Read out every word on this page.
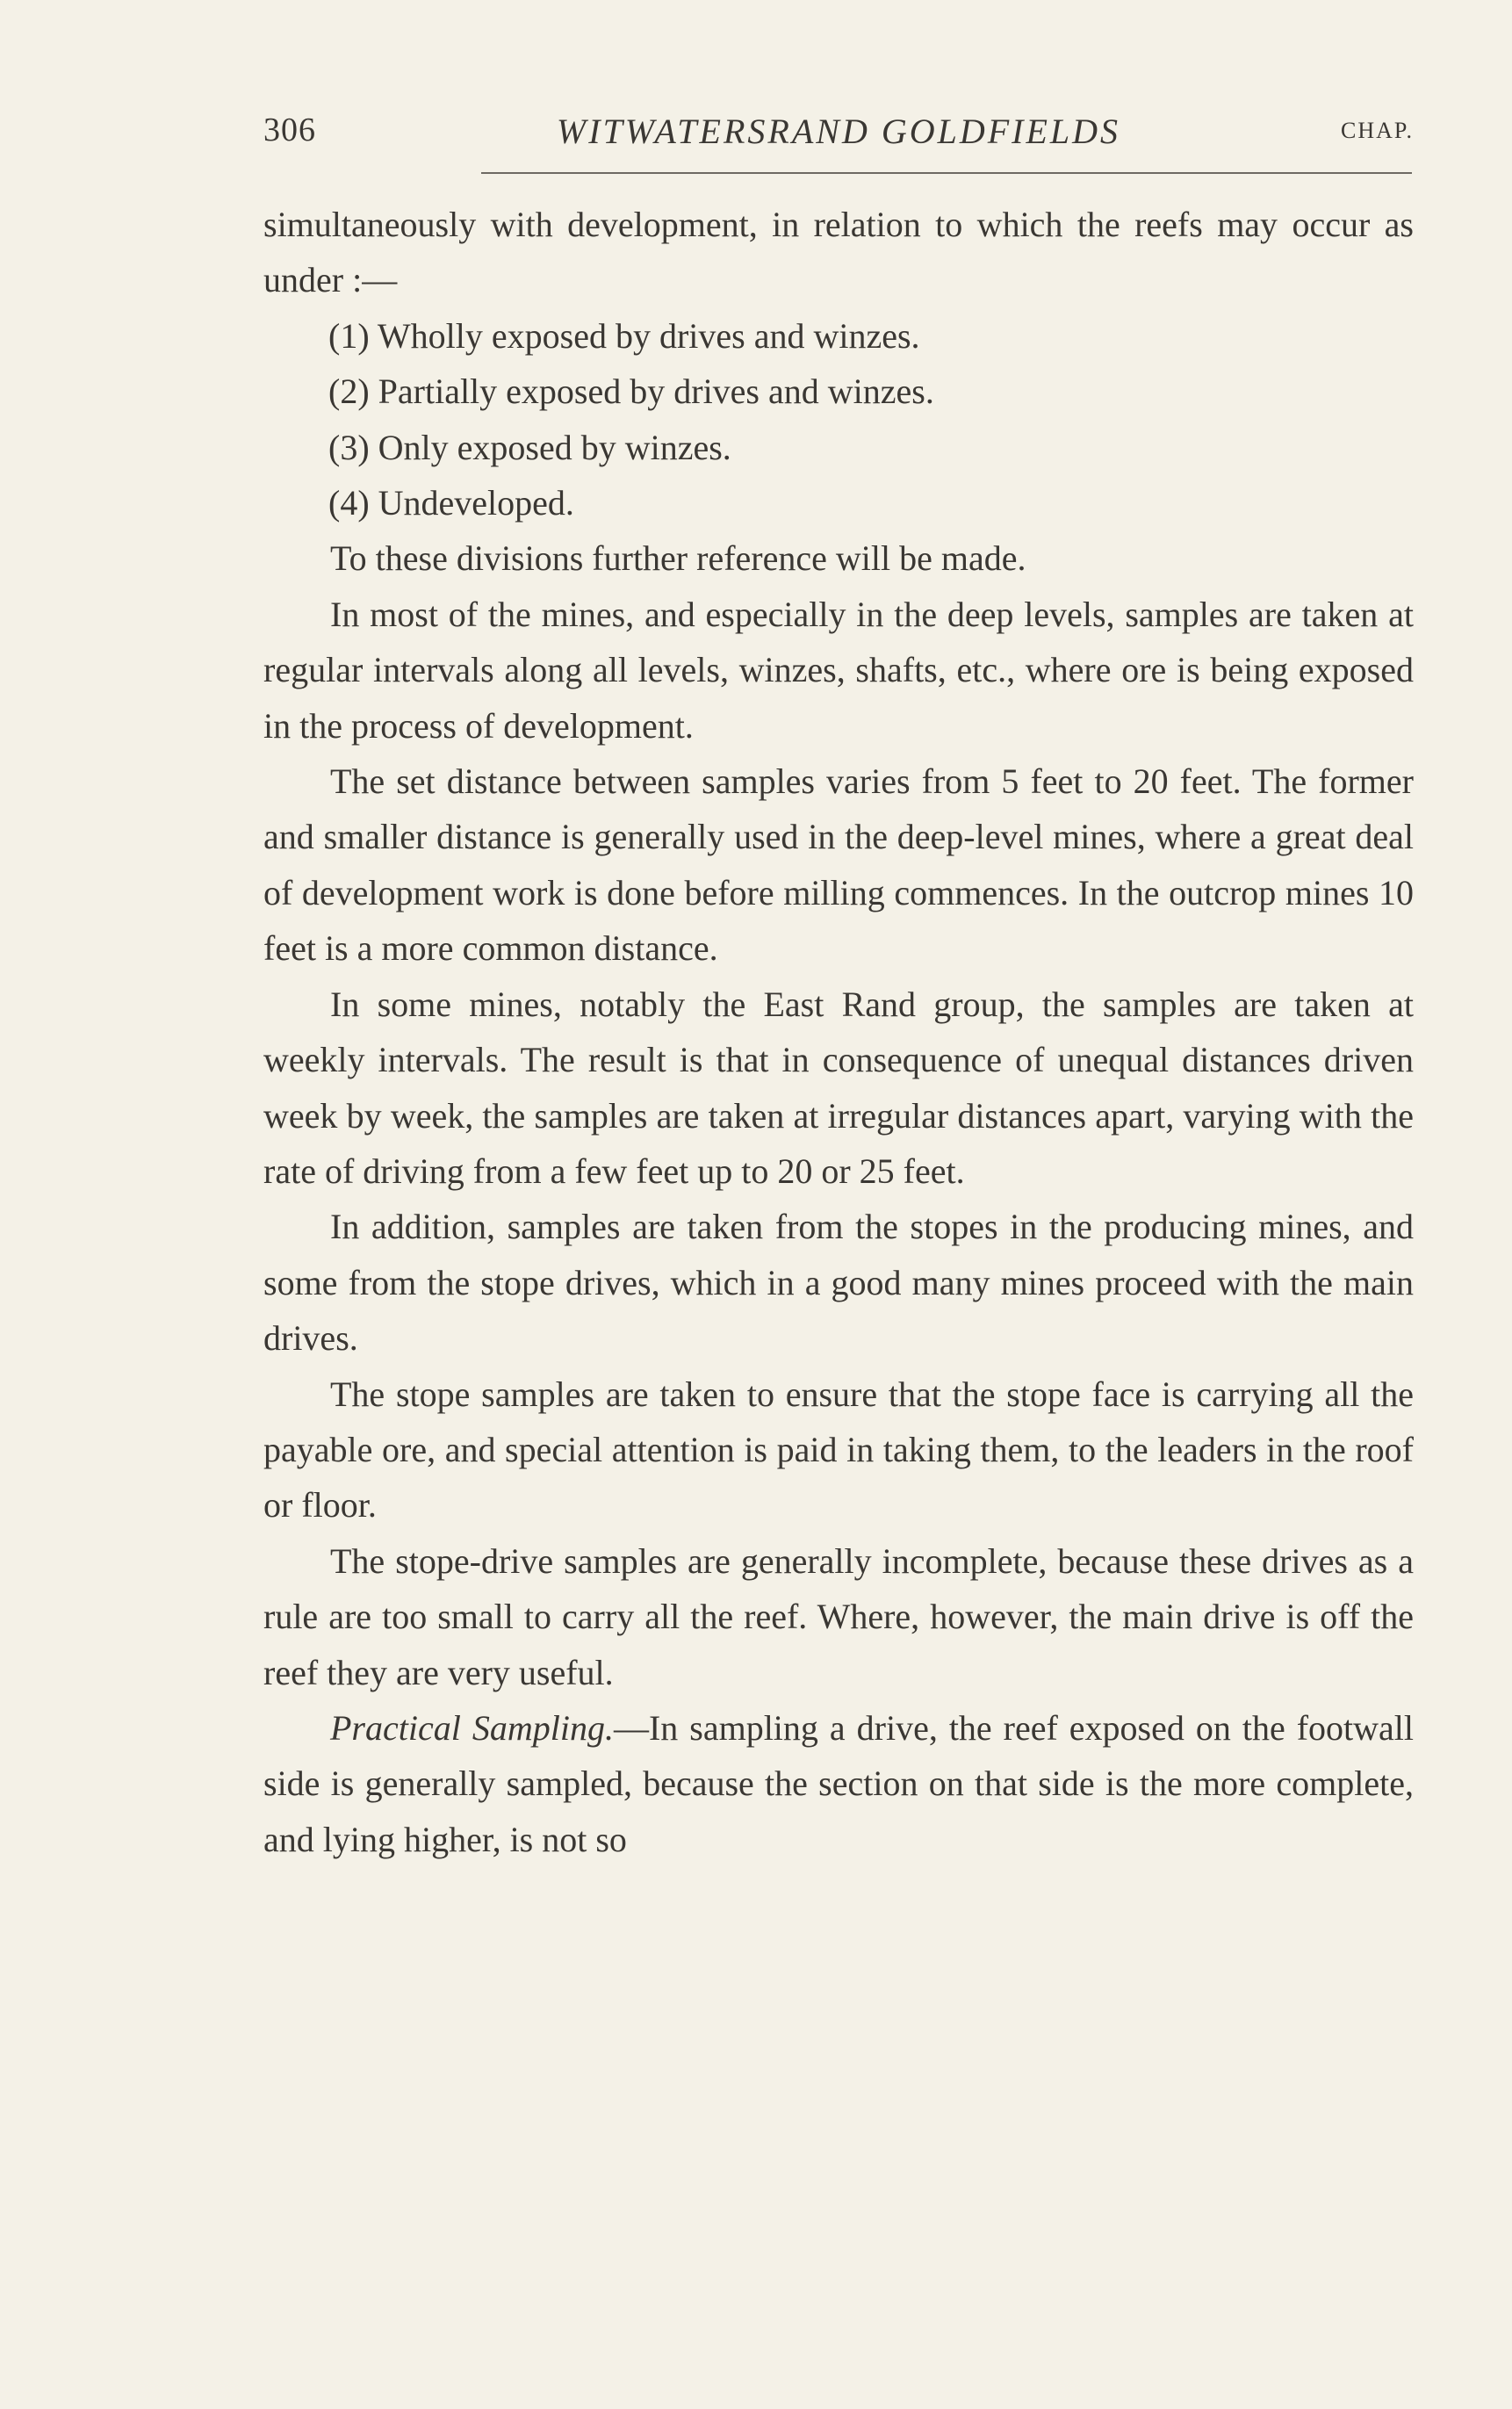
306	WITWATERSRAND GOLDFIELDS	CHAP.

simultaneously with development, in relation to which the reefs may occur as under :—

(1) Wholly exposed by drives and winzes.

(2) Partially exposed by drives and winzes.

(3) Only exposed by winzes.

(4) Undeveloped.

To these divisions further reference will be made.

In most of the mines, and especially in the deep levels, samples are taken at regular intervals along all levels, winzes, shafts, etc., where ore is being exposed in the process of development.

The set distance between samples varies from 5 feet to 20 feet. The former and smaller distance is generally used in the deep-level mines, where a great deal of development work is done before milling commences. In the outcrop mines 10 feet is a more common distance.

In some mines, notably the East Rand group, the samples are taken at weekly intervals. The result is that in consequence of unequal distances driven week by week, the samples are taken at irregular distances apart, varying with the rate of driving from a few feet up to 20 or 25 feet.

In addition, samples are taken from the stopes in the producing mines, and some from the stope drives, which in a good many mines proceed with the main drives.

The stope samples are taken to ensure that the stope face is carrying all the payable ore, and special attention is paid in taking them, to the leaders in the roof or floor.

The stope-drive samples are generally incomplete, because these drives as a rule are too small to carry all the reef. Where, however, the main drive is off the reef they are very useful.

Practical Sampling.—In sampling a drive, the reef exposed on the footwall side is generally sampled, because the section on that side is the more complete, and lying higher, is not so
